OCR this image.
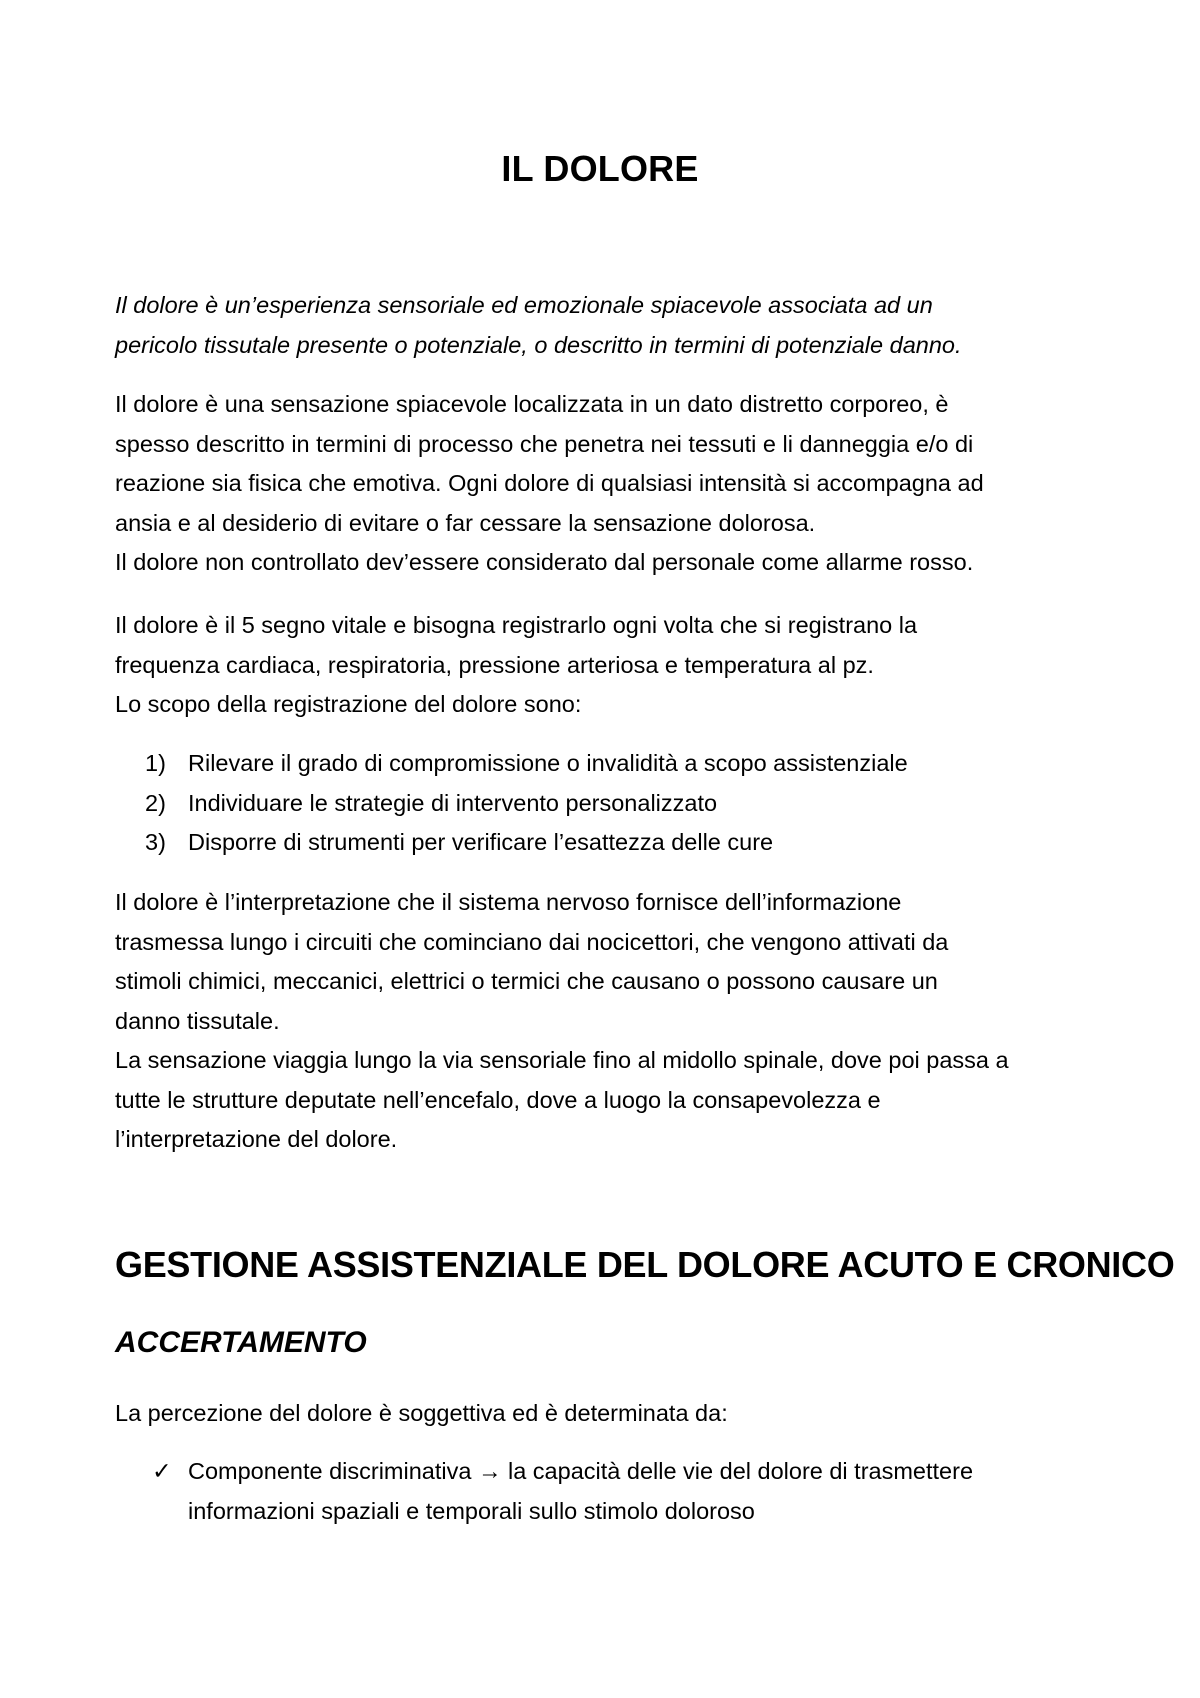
IL DOLORE

Il dolore è un’esperienza sensoriale ed emozionale spiacevole associata ad un
pericolo tissutale presente o potenziale, o descritto in termini di potenziale danno.

Il dolore è una sensazione spiacevole localizzata in un dato distretto corporeo, è
spesso descritto in termini di processo che penetra nei tessuti e li danneggia e/o di
reazione sia fisica che emotiva. Ogni dolore di qualsiasi intensità si accompagna ad
ansia e al desiderio di evitare o far cessare la sensazione dolorosa.
Il dolore non controllato dev’essere considerato dal personale come allarme rosso.

Il dolore è il 5 segno vitale e bisogna registrarlo ogni volta che si registrano la
frequenza cardiaca, respiratoria, pressione arteriosa e temperatura al pz.
Lo scopo della registrazione del dolore sono:

1) Rilevare il grado di compromissione o invalidità a scopo assistenziale
2) Individuare le strategie di intervento personalizzato
3) Disporre di strumenti per verificare l’esattezza delle cure

Il dolore è l’interpretazione che il sistema nervoso fornisce dell’informazione
trasmessa lungo i circuiti che cominciano dai nocicettori, che vengono attivati da
stimoli chimici, meccanici, elettrici o termici che causano o possono causare un
danno tissutale.
La sensazione viaggia lungo la via sensoriale fino al midollo spinale, dove poi passa a
tutte le strutture deputate nell’encefalo, dove a luogo la consapevolezza e
l’interpretazione del dolore.

GESTIONE ASSISTENZIALE DEL DOLORE ACUTO E CRONICO
ACCERTAMENTO

La percezione del dolore è soggettiva ed è determinata da:

✓ Componente discriminativa → la capacità delle vie del dolore di trasmettere
informazioni spaziali e temporali sullo stimolo doloroso
